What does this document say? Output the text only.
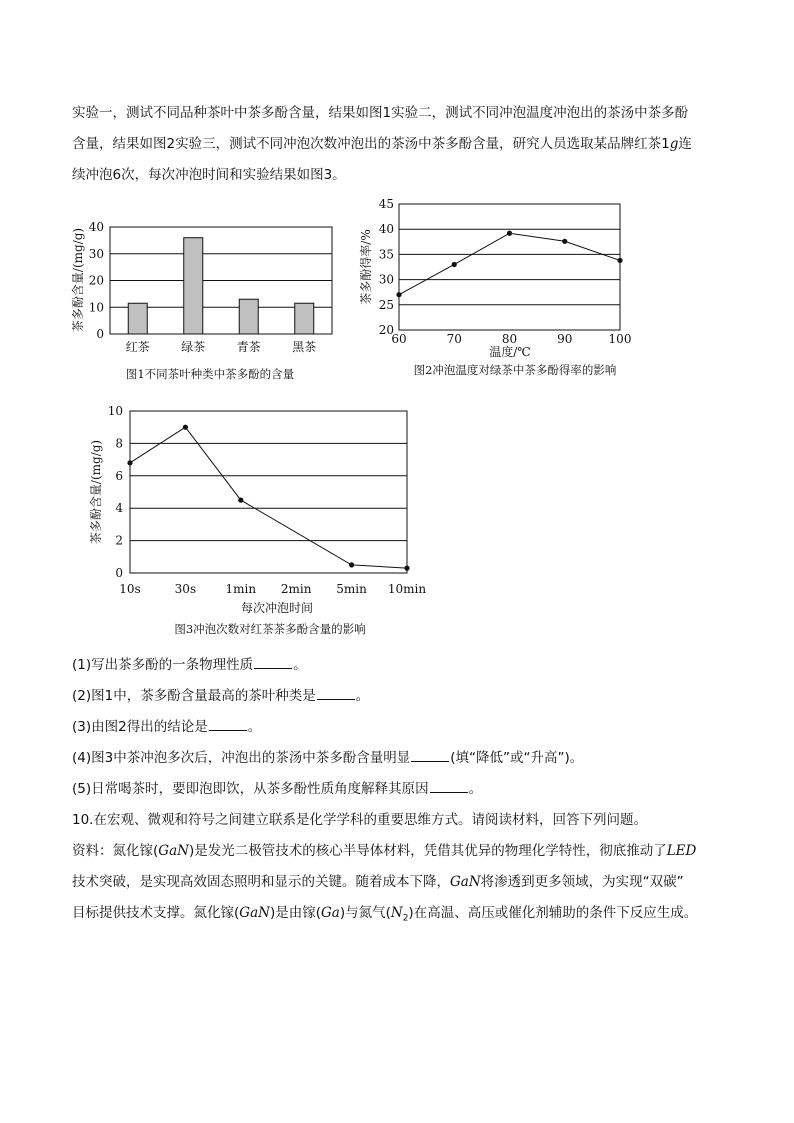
实验一，测试不同品种茶叶中茶多酚含量，结果如图1实验二，测试不同冲泡温度冲泡出的茶汤中茶多酚
含量，结果如图2实验三，测试不同冲泡次数冲泡出的茶汤中茶多酚含量，研究人员选取某品牌红茶1g连
续冲泡6次，每次冲泡时间和实验结果如图3。
0
10
20
30
40
红茶	绿茶	青茶	黑茶
茶多酚含量/(mg/g)
图1不同茶叶种类中茶多酚的含量
20
25
30
35
40
45
60	70	80	90	100
茶多酚得率/%
温度/℃
图2冲泡温度对绿茶中茶多酚得率的影响
0
2
4
6
8
10
10s	30s 1min 2min 5min 10min
茶多酚含量/(mg/g)
每次冲泡时间
图3冲泡次数对红茶茶多酚含量的影响
(1)写出茶多酚的一条物理性质	。
(2)图1中，茶多酚含量最高的茶叶种类是	。
(3)由图2得出的结论是	。
(4)图3中茶冲泡多次后，冲泡出的茶汤中茶多酚含量明显	(填“降低”或“升高”)。
(5)日常喝茶时，要即泡即饮，从茶多酚性质角度解释其原因	。
10.在宏观、微观和符号之间建立联系是化学学科的重要思维方式。请阅读材料，回答下列问题。
资料：氮化镓(GaN)是发光二极管技术的核心半导体材料，凭借其优异的物理化学特性，彻底推动了LED
技术突破，是实现高效固态照明和显示的关键。随着成本下降，GaN将渗透到更多领域，为实现“双碳”
目标提供技术支撑。氮化镓(GaN)是由镓(Ga)与氮气$(N_2)$在高温、高压或催化剂辅助的条件下反应生成。
